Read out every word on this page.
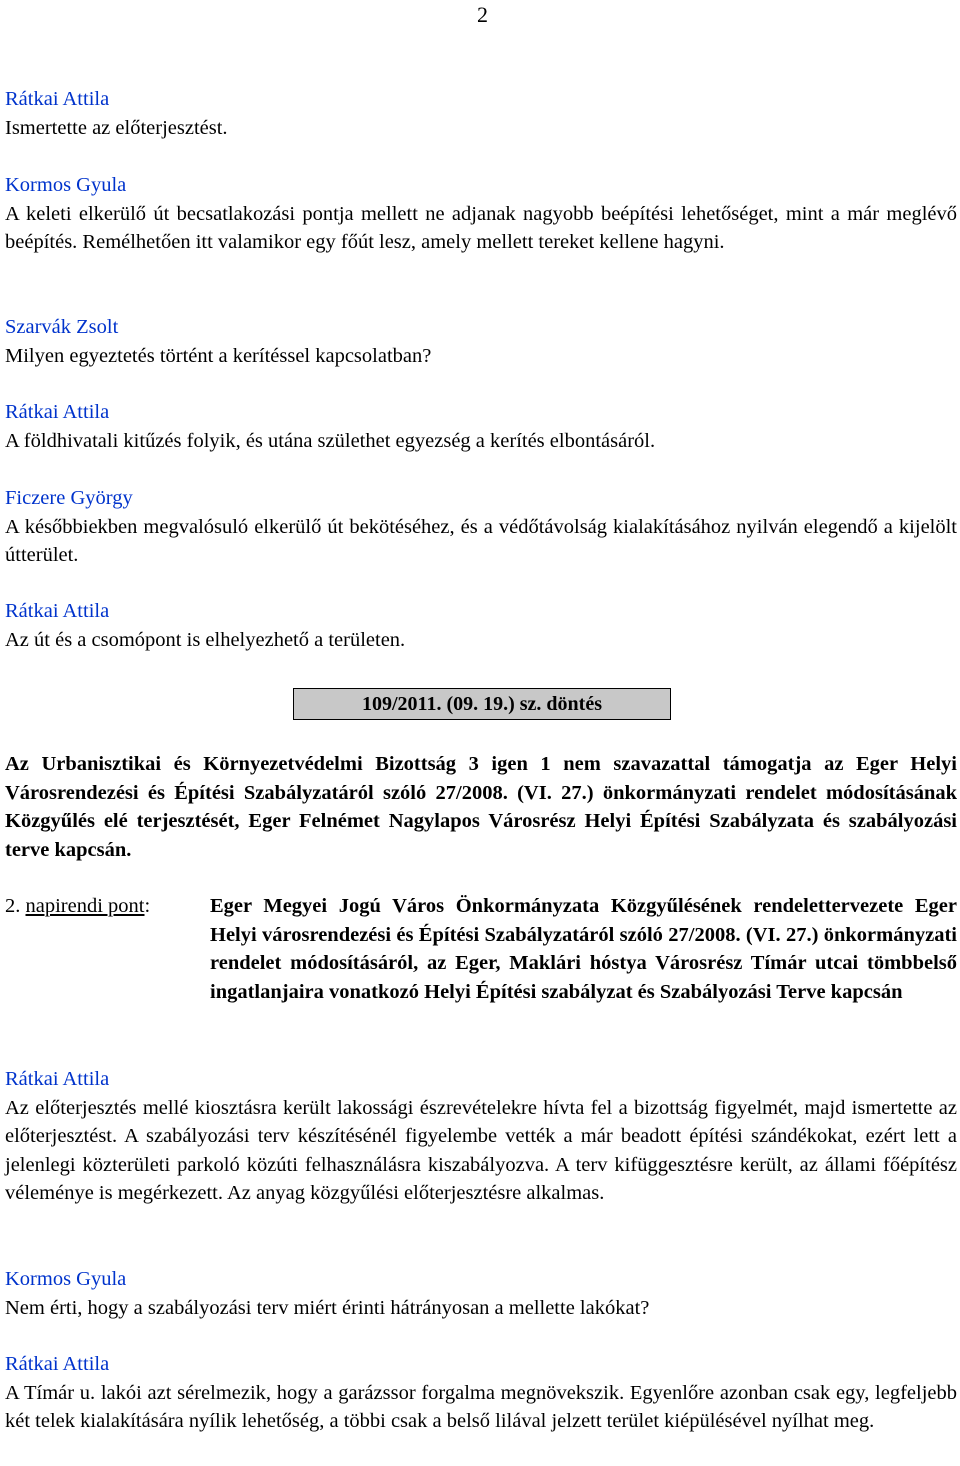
2
Rátkai Attila
Ismertette az előterjesztést.
Kormos Gyula
A keleti elkerülő út becsatlakozási pontja mellett ne adjanak nagyobb beépítési lehetőséget, mint a már meglévő beépítés. Remélhetően itt valamikor egy főút lesz, amely mellett tereket kellene hagyni.
Szarvák Zsolt
Milyen egyeztetés történt a kerítéssel kapcsolatban?
Rátkai Attila
A földhivatali kitűzés folyik, és utána születhet egyezség a kerítés elbontásáról.
Ficzere György
A későbbiekben megvalósuló elkerülő út bekötéséhez, és a védőtávolság kialakításához nyilván elegendő a kijelölt útterület.
Rátkai Attila
Az út és a csomópont is elhelyezhető a területen.
109/2011. (09. 19.) sz. döntés
Az Urbanisztikai és Környezetvédelmi Bizottság 3 igen 1 nem szavazattal támogatja az Eger Helyi Városrendezési és Építési Szabályzatáról szóló 27/2008. (VI. 27.) önkormányzati rendelet módosításának Közgyűlés elé terjesztését, Eger Felnémet Nagylapos Városrész Helyi Építési Szabályzata és szabályozási terve kapcsán.
2. napirendi pont:	Eger Megyei Jogú Város Önkormányzata Közgyűlésének rendelettervezete Eger Helyi városrendezési és Építési Szabályzatáról szóló 27/2008. (VI. 27.) önkormányzati rendelet módosításáról, az Eger, Maklári hóstya Városrész Tímár utcai tömbbelső ingatlanjaira vonatkozó Helyi Építési szabályzat és Szabályozási Terve kapcsán
Rátkai Attila
Az előterjesztés mellé kiosztásra került lakossági észrevételekre hívta fel a bizottság figyelmét, majd ismertette az előterjesztést. A szabályozási terv készítésénél figyelembe vették a már beadott építési szándékokat, ezért lett a jelenlegi közterületi parkoló közúti felhasználásra kiszabályozva. A terv kifüggesztésre került, az állami főépítész véleménye is megérkezett. Az anyag közgyűlési előterjesztésre alkalmas.
Kormos Gyula
Nem érti, hogy a szabályozási terv miért érinti hátrányosan a mellette lakókat?
Rátkai Attila
A Tímár u. lakói azt sérelmezik, hogy a garázssor forgalma megnövekszik. Egyenlőre azonban csak egy, legfeljebb két telek kialakítására nyílik lehetőség, a többi csak a belső lilával jelzett terület kiépülésével nyílhat meg.
